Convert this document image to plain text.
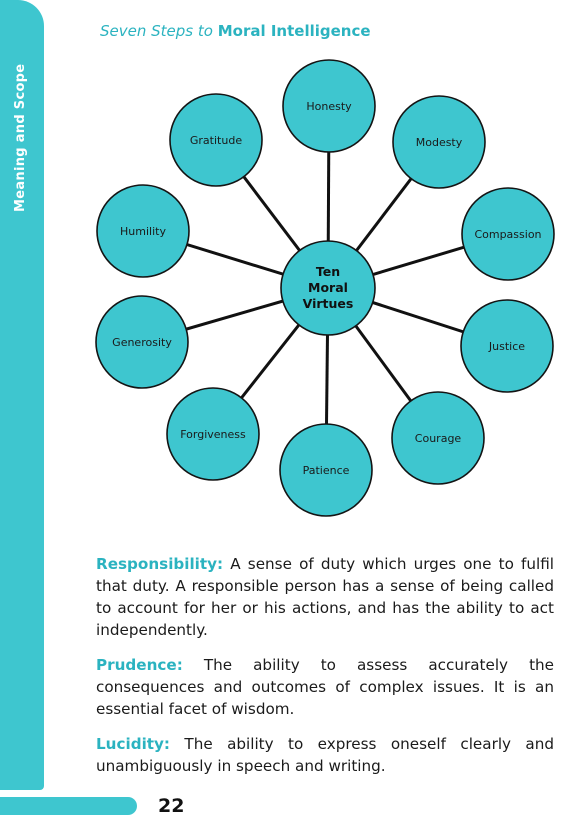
Meaning and Scope
Seven Steps to Moral Intelligence
Honesty
Modesty
Compassion
Justice
Courage
Patience
Forgiveness
Generosity
Humility
Gratitude
Ten
Moral
Virtues
Responsibility: A sense of duty which urges one to fulfil that duty. A responsible person has a sense of being called to account for her or his actions, and has the ability to act independently.
Prudence: The ability to assess accurately the consequences and outcomes of complex issues. It is an essential facet of wisdom.
Lucidity: The ability to express oneself clearly and unambiguously in speech and writing.
22
